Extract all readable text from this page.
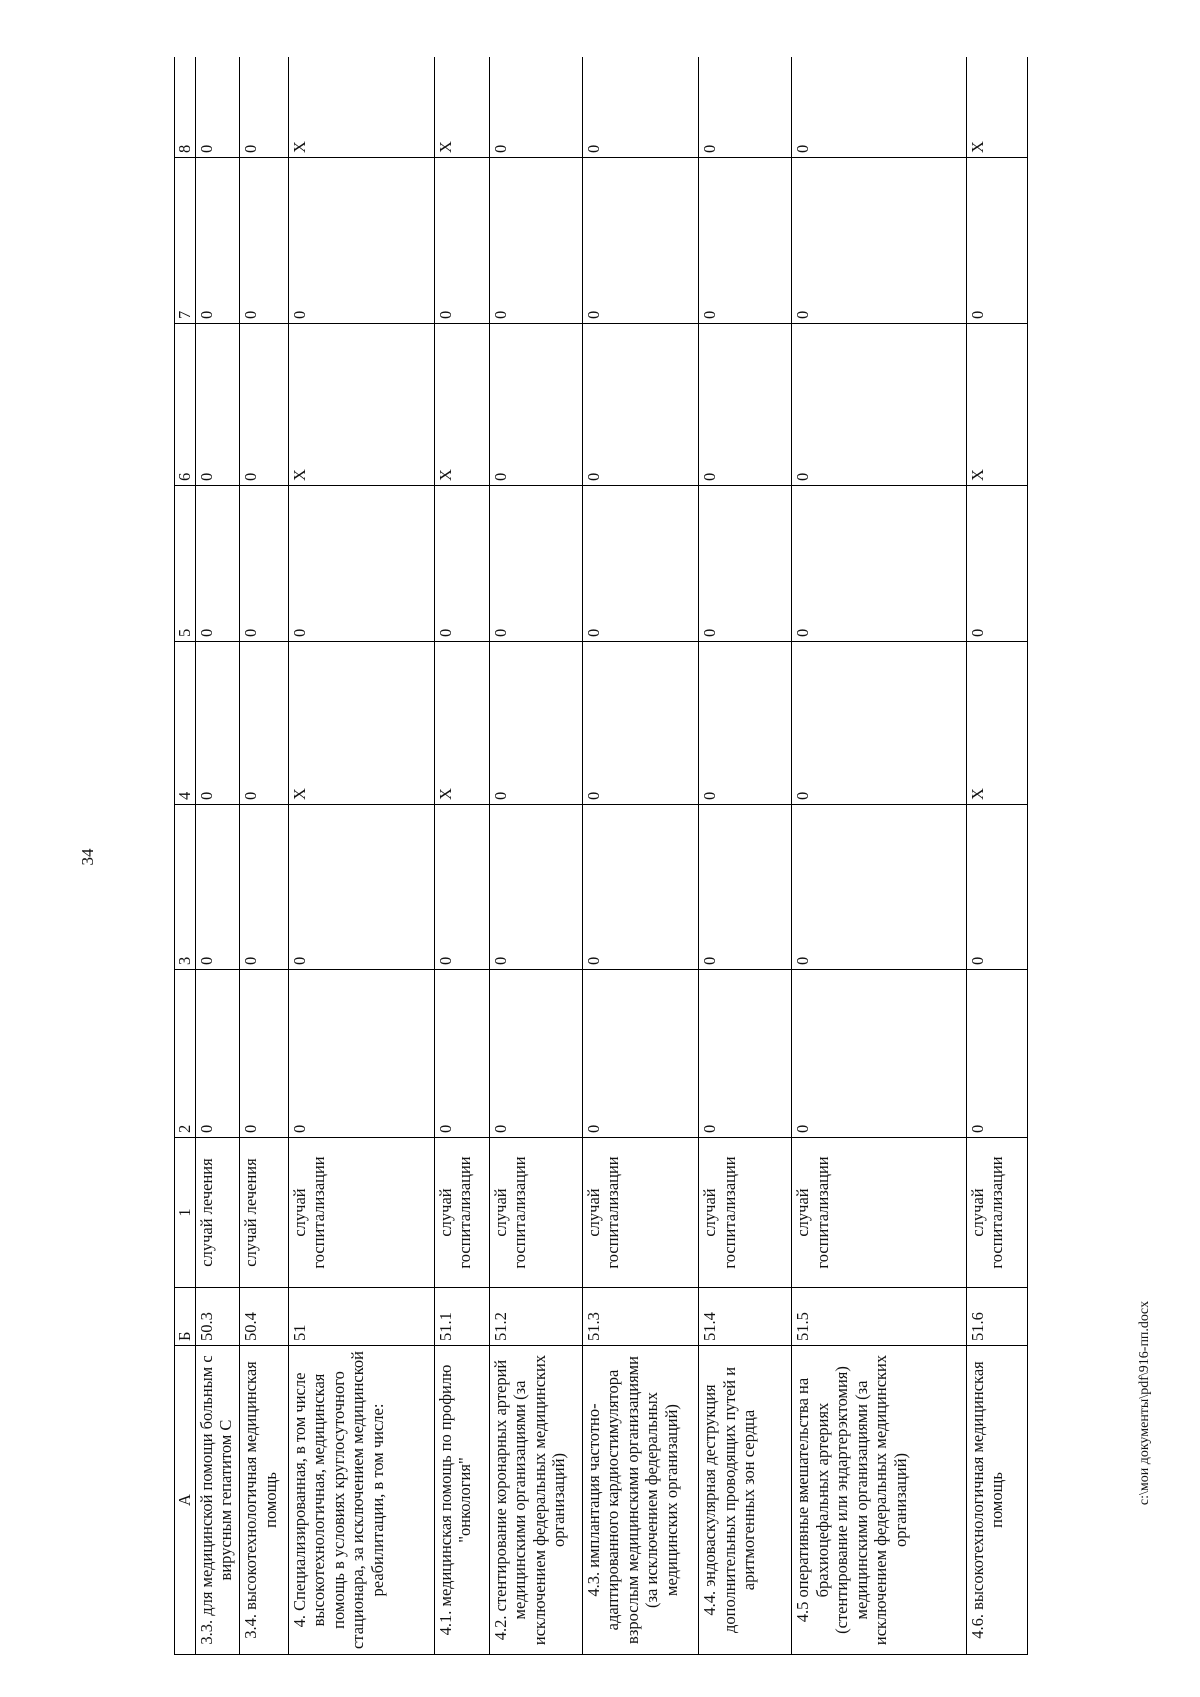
34
А	Б	1	2	3	4	5	6	7	8
3.3. для медицинской помощи больным с вирусным гепатитом С	50.3	случай лечения	0	0	0	0	0	0	0
3.4. высокотехнологичная медицинская помощь	50.4	случай лечения	0	0	0	0	0	0	0
4. Специализированная, в том числе высокотехнологичная, медицинская помощь в условиях круглосуточного стационара, за исключением медицинской реабилитации, в том числе:	51	случай госпитализации	0	0	X	0	X	0	X
4.1. медицинская помощь по профилю "онкология"	51.1	случай госпитализации	0	0	X	0	X	0	X
4.2. стентирование коронарных артерий медицинскими организациями (за исключением федеральных медицинских организаций)	51.2	случай госпитализации	0	0	0	0	0	0	0
4.3. имплантация частотно-адаптированного кардиостимулятора взрослым медицинскими организациями (за исключением федеральных медицинских организаций)	51.3	случай госпитализации	0	0	0	0	0	0	0
4.4. эндоваскулярная деструкция дополнительных проводящих путей и аритмогенных зон сердца	51.4	случай госпитализации	0	0	0	0	0	0	0
4.5 оперативные вмешательства на брахиоцефальных артериях (стентирование или эндартерэктомия) медицинскими организациями (за исключением федеральных медицинских организаций)	51.5	случай госпитализации	0	0	0	0	0	0	0
4.6. высокотехнологичная медицинская помощь	51.6	случай госпитализации	0	0	X	0	X	0	X
c:\мои документы\pdf\916-пп.docx
